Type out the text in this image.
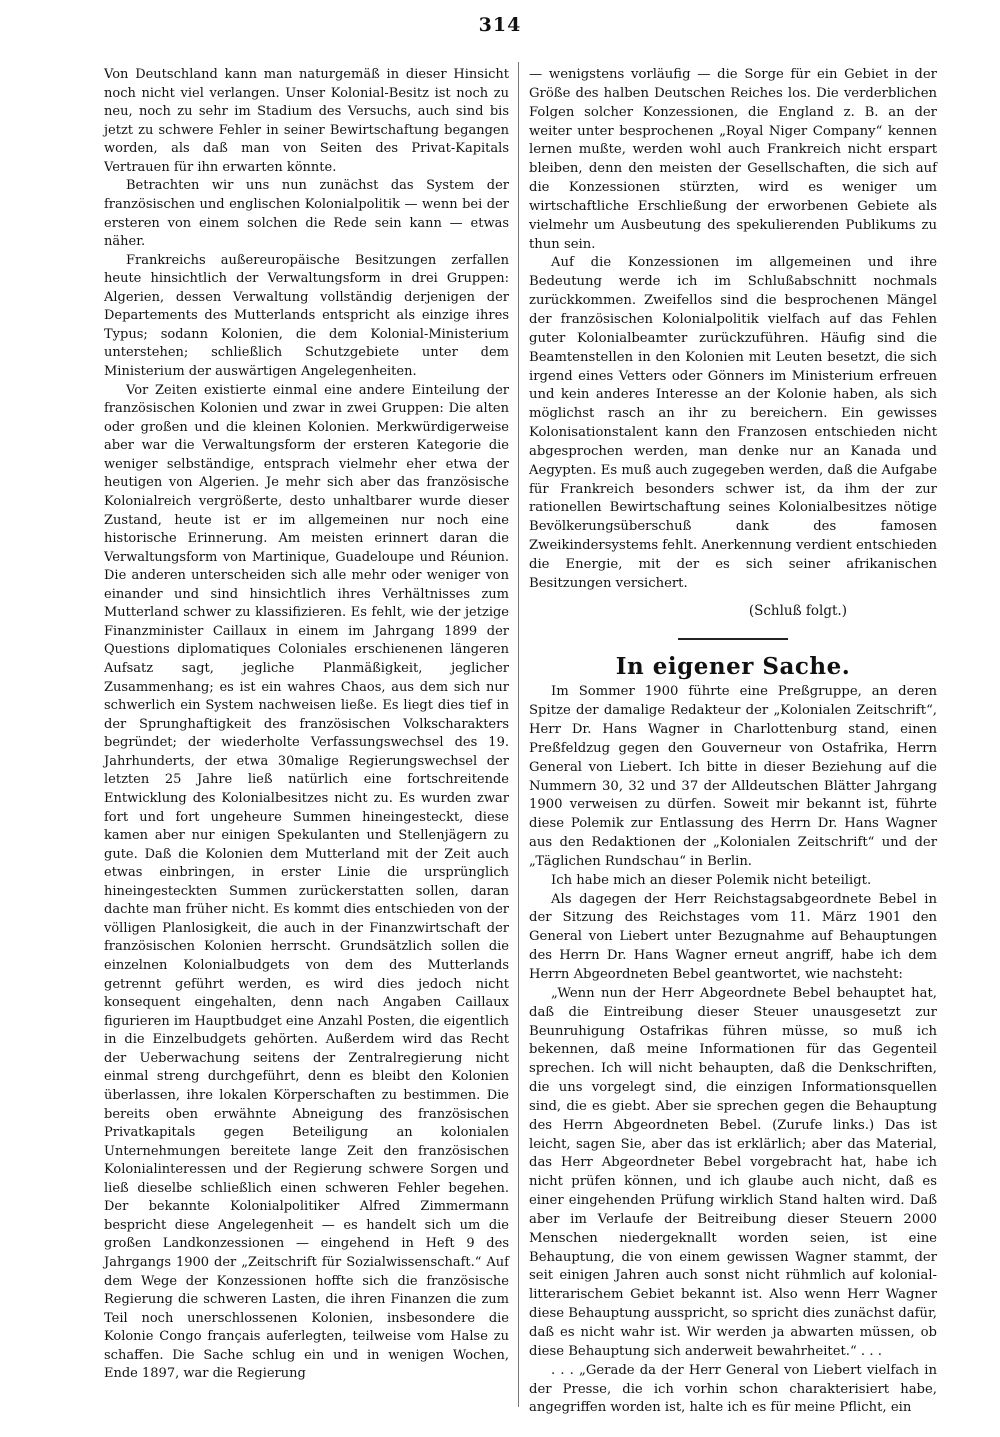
314

Von Deutschland kann man naturgemäß in dieser Hinsicht noch nicht viel verlangen. Unser Kolonial-Besitz ist noch zu neu, noch zu sehr im Stadium des Versuchs, auch sind bis jetzt zu schwere Fehler in seiner Bewirtschaftung begangen worden, als daß man von Seiten des Privat-Kapitals Vertrauen für ihn erwarten könnte.

Betrachten wir uns nun zunächst das System der französischen und englischen Kolonialpolitik — wenn bei der ersteren von einem solchen die Rede sein kann — etwas näher.

Frankreichs außereuropäische Besitzungen zerfallen heute hinsichtlich der Verwaltungsform in drei Gruppen: Algerien, dessen Verwaltung vollständig derjenigen der Departements des Mutterlands entspricht als einzige ihres Typus; sodann Kolonien, die dem Kolonial-Ministerium unterstehen; schließlich Schutzgebiete unter dem Ministerium der auswärtigen Angelegenheiten.

Vor Zeiten existierte einmal eine andere Einteilung der französischen Kolonien und zwar in zwei Gruppen: Die alten oder großen und die kleinen Kolonien. Merkwürdigerweise aber war die Verwaltungsform der ersteren Kategorie die weniger selbständige, entsprach vielmehr eher etwa der heutigen von Algerien. Je mehr sich aber das französische Kolonialreich vergrößerte, desto unhaltbarer wurde dieser Zustand, heute ist er im allgemeinen nur noch eine historische Erinnerung. Am meisten erinnert daran die Verwaltungsform von Martinique, Guadeloupe und Réunion. Die anderen unterscheiden sich alle mehr oder weniger von einander und sind hinsichtlich ihres Verhältnisses zum Mutterland schwer zu klassifizieren. Es fehlt, wie der jetzige Finanzminister Caillaux in einem im Jahrgang 1899 der Questions diplomatiques Coloniales erschienenen längeren Aufsatz sagt, jegliche Planmäßigkeit, jeglicher Zusammenhang; es ist ein wahres Chaos, aus dem sich nur schwerlich ein System nachweisen ließe. Es liegt dies tief in der Sprunghaftigkeit des französischen Volkscharakters begründet; der wiederholte Verfassungswechsel des 19. Jahrhunderts, der etwa 30malige Regierungswechsel der letzten 25 Jahre ließ natürlich eine fortschreitende Entwicklung des Kolonialbesitzes nicht zu. Es wurden zwar fort und fort ungeheure Summen hineingesteckt, diese kamen aber nur einigen Spekulanten und Stellenjägern zu gute. Daß die Kolonien dem Mutterland mit der Zeit auch etwas einbringen, in erster Linie die ursprünglich hineingesteckten Summen zurückerstatten sollen, daran dachte man früher nicht. Es kommt dies entschieden von der völligen Planlosigkeit, die auch in der Finanzwirtschaft der französischen Kolonien herrscht. Grundsätzlich sollen die einzelnen Kolonialbudgets von dem des Mutterlands getrennt geführt werden, es wird dies jedoch nicht konsequent eingehalten, denn nach Angaben Caillaux figurieren im Hauptbudget eine Anzahl Posten, die eigentlich in die Einzelbudgets gehörten. Außerdem wird das Recht der Ueberwachung seitens der Zentralregierung nicht einmal streng durchgeführt, denn es bleibt den Kolonien überlassen, ihre lokalen Körperschaften zu bestimmen. Die bereits oben erwähnte Abneigung des französischen Privatkapitals gegen Beteiligung an kolonialen Unternehmungen bereitete lange Zeit den französischen Kolonialinteressen und der Regierung schwere Sorgen und ließ dieselbe schließlich einen schweren Fehler begehen. Der bekannte Kolonialpolitiker Alfred Zimmermann bespricht diese Angelegenheit — es handelt sich um die großen Landkonzessionen — eingehend in Heft 9 des Jahrgangs 1900 der „Zeitschrift für Sozialwissenschaft.“ Auf dem Wege der Konzessionen hoffte sich die französische Regierung die schweren Lasten, die ihren Finanzen die zum Teil noch unerschlossenen Kolonien, insbesondere die Kolonie Congo français auferlegten, teilweise vom Halse zu schaffen. Die Sache schlug ein und in wenigen Wochen, Ende 1897, war die Regierung

— wenigstens vorläufig — die Sorge für ein Gebiet in der Größe des halben Deutschen Reiches los. Die verderblichen Folgen solcher Konzessionen, die England z. B. an der weiter unter besprochenen „Royal Niger Company“ kennen lernen mußte, werden wohl auch Frankreich nicht erspart bleiben, denn den meisten der Gesellschaften, die sich auf die Konzessionen stürzten, wird es weniger um wirtschaftliche Erschließung der erworbenen Gebiete als vielmehr um Ausbeutung des spekulierenden Publikums zu thun sein.

Auf die Konzessionen im allgemeinen und ihre Bedeutung werde ich im Schlußabschnitt nochmals zurückkommen. Zweifellos sind die besprochenen Mängel der französischen Kolonialpolitik vielfach auf das Fehlen guter Kolonialbeamter zurückzuführen. Häufig sind die Beamtenstellen in den Kolonien mit Leuten besetzt, die sich irgend eines Vetters oder Gönners im Ministerium erfreuen und kein anderes Interesse an der Kolonie haben, als sich möglichst rasch an ihr zu bereichern. Ein gewisses Kolonisationstalent kann den Franzosen entschieden nicht abgesprochen werden, man denke nur an Kanada und Aegypten. Es muß auch zugegeben werden, daß die Aufgabe für Frankreich besonders schwer ist, da ihm der zur rationellen Bewirtschaftung seines Kolonialbesitzes nötige Bevölkerungsüberschuß dank des famosen Zweikindersystems fehlt. Anerkennung verdient entschieden die Energie, mit der es sich seiner afrikanischen Besitzungen versichert.

(Schluß folgt.)

In eigener Sache.

Im Sommer 1900 führte eine Preßgruppe, an deren Spitze der damalige Redakteur der „Kolonialen Zeitschrift“, Herr Dr. Hans Wagner in Charlottenburg stand, einen Preßfeldzug gegen den Gouverneur von Ostafrika, Herrn General von Liebert. Ich bitte in dieser Beziehung auf die Nummern 30, 32 und 37 der Alldeutschen Blätter Jahrgang 1900 verweisen zu dürfen. Soweit mir bekannt ist, führte diese Polemik zur Entlassung des Herrn Dr. Hans Wagner aus den Redaktionen der „Kolonialen Zeitschrift“ und der „Täglichen Rundschau“ in Berlin.

Ich habe mich an dieser Polemik nicht beteiligt.

Als dagegen der Herr Reichstagsabgeordnete Bebel in der Sitzung des Reichstages vom 11. März 1901 den General von Liebert unter Bezugnahme auf Behauptungen des Herrn Dr. Hans Wagner erneut angriff, habe ich dem Herrn Abgeordneten Bebel geantwortet, wie nachsteht:

„Wenn nun der Herr Abgeordnete Bebel behauptet hat, daß die Eintreibung dieser Steuer unausgesetzt zur Beunruhigung Ostafrikas führen müsse, so muß ich bekennen, daß meine Informationen für das Gegenteil sprechen. Ich will nicht behaupten, daß die Denkschriften, die uns vorgelegt sind, die einzigen Informationsquellen sind, die es giebt. Aber sie sprechen gegen die Behauptung des Herrn Abgeordneten Bebel. (Zurufe links.) Das ist leicht, sagen Sie, aber das ist erklärlich; aber das Material, das Herr Abgeordneter Bebel vorgebracht hat, habe ich nicht prüfen können, und ich glaube auch nicht, daß es einer eingehenden Prüfung wirklich Stand halten wird. Daß aber im Verlaufe der Beitreibung dieser Steuern 2000 Menschen niedergeknallt worden seien, ist eine Behauptung, die von einem gewissen Wagner stammt, der seit einigen Jahren auch sonst nicht rühmlich auf kolonial-litterarischem Gebiet bekannt ist. Also wenn Herr Wagner diese Behauptung ausspricht, so spricht dies zunächst dafür, daß es nicht wahr ist. Wir werden ja abwarten müssen, ob diese Behauptung sich anderweit bewahrheitet.“ . . .

. . . „Gerade da der Herr General von Liebert vielfach in der Presse, die ich vorhin schon charakterisiert habe, angegriffen worden ist, halte ich es für meine Pflicht, ein
